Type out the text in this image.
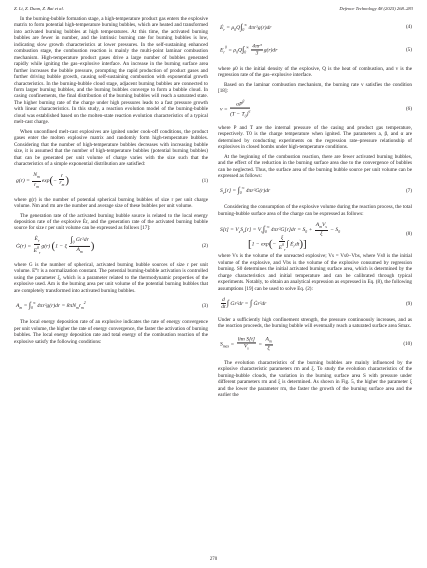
Z. Li, Z. Duan, Z. Bai et al.	Defence Technology 48 (2025) 268–283

In the burning-bubble formation stage, a high-temperature product gas enters the explosive matrix to form potential high-temperature burning bubbles, which are heated and transformed into activated burning bubbles at high temperatures. At this time, the activated burning bubbles are fewer in number, and the intrinsic burning rate for burning bubbles is low, indicating slow growth characteristics at lower pressures. In the self-sustaining enhanced combustion stage, the combustion reaction is mainly the multi-point laminar combustion mechanism. High-temperature product gases drive a large number of bubbles generated rapidly while igniting the gas–explosive interface. An increase in the burning surface area further increases the bubble pressure, prompting the rapid production of product gases and further driving bubble growth, causing self-sustaining combustion with exponential growth characteristics. In the burning-bubble cloud stage, adjacent burning bubbles are connected to form larger burning bubbles, and the burning bubbles converge to form a bubble cloud. In casing confinements, the final distribution of the burning bubbles will reach a saturated state. The higher burning rate of the charge under high pressures leads to a fast pressure growth with linear characteristics. In this study, a reaction evolution model of the burning-bubble cloud was established based on the molten-state reaction evolution characteristics of a typical melt-cast charge.

When unconfined melt-cast explosives are ignited under cook-off conditions, the product gases enter the molten explosive matrix and randomly form high-temperature bubbles. Considering that the number of high-temperature bubbles decreases with increasing bubble size, it is assumed that the number of high-temperature bubbles (potential burning bubbles) that can be generated per unit volume of charge varies with the size such that the characteristics of a simple exponential distribution are satisfied:

$g(r) = \frac{N_m}{r_m} \exp(- \frac{r}{r_m}$ )	(1)

where g(r) is the number of potential spherical burning bubbles of size r per unit charge volume. Nm and rm are the number and average size of these bubbles per unit volume.

The generation rate of the activated burning bubble source is related to the local energy deposition rate of the explosive Ėr, and the generation rate of the activated burning bubble source for size r per unit volume can be expressed as follows [17]:

Ġ(r) = $\frac{Ė_r}{E^0_r} g(r) (1 - \xi \frac{\int_0 Gr^2dr}{A_m}$ )	(2)

where G is the number of spherical, activated burning bubble sources of size r per unit volume. E⁰r is a normalization constant. The potential burning-bubble activation is controlled using the parameter ξ, which is a parameter related to the thermodynamic properties of the explosive used. Am is the burning area per unit volume of the potential burning bubbles that are completely transformed into activated burning bubbles.

$A_m = \int_0^\infty$ $4\pi r^2g(r)dr = 8\pi N_mr_m^2$	(3)

The local energy deposition rate of an explosive indicates the rate of energy convergence per unit volume, the higher the rate of energy convergence, the faster the activation of burning bubbles. The local energy deposition rate and total energy of the combustion reaction of the explosive satisfy the following conditions:

$Ė_r = \rho_0Q\int_0^\infty$ 4πr²g(r)dr	(4)
$E_r^0 = \rho_0Q\int_0^\infty \frac{\text{4πr³}}{3} g(r)dr$	(5)

where ρ0 is the initial density of the explosive, Q is the heat of combustion, and v is the regression rate of the gas–explosive interface.

Based on the laminar combustion mechanism, the burning rate v satisfies the condition [18]:

$v = \frac{aP^\beta}{(T - T_0)^\alpha}$	(6)

where P and T are the internal pressure of the casing and product gas temperature, respectively. T0 is the charge temperature when ignited. The parameters a, β, and α are determined by conducting experiments on the regression rate–pressure relationship of explosives in closed bombs under high-temperature conditions.

At the beginning of the combustion reaction, there are fewer activated burning bubbles, and the effect of the reduction in the burning surface area due to the convergence of bubbles can be neglected. Thus, the surface area of the burning bubble source per unit volume can be expressed as follows:

$S_v[r] = \int_0^\infty$ 4πr²G(r)dr	(7)

Considering the consumption of the explosive volume during the reaction process, the total burning-bubble surface area of the charge can be expressed as follows:

$S[t] = V_sS_v[r] = V_s\int_0^\infty$ $4\pi r^2G[r]dr = S_0 + \frac{A_mV_s}{\xi} - S_0$
[$1 - \exp(- \frac{\xi}{E^0_r}$ ∫ $Ė_rdt$)]
(8)

where Vs is the volume of the unreacted explosive; Vs = Vs0−Vbs, where Vs0 is the initial volume of the explosive, and Vbs is the volume of the explosive consumed by regression burning. S0 determines the initial activated burning surface area, which is determined by the charge characteristics and initial temperature and can be calibrated through typical experiments. Notably, to obtain an analytical expression as expressed in Eq. (8), the following assumptions [19] can be used to solve Eq. (2):

$\frac{d}{dt}$ ∫ Gr²dr = ∫ Ġr²dr	(9)

Under a sufficiently high confinement strength, the pressure continuously increases, and as the reaction proceeds, the burning bubble will eventually reach a saturated surface area Smax.

$S_{max} = \frac{\text{lim S[t]}}{V_s} = \frac{A_m}{\xi}$	(10)

The evolution characteristics of the burning bubbles are mainly influenced by the explosive characteristic parameters rm and ξ. To study the evolution characteristics of the burning-bubble clouds, the variation in the burning surface area S with pressure under different parameters rm and ξ is determined. As shown in Fig. 5, the higher the parameter ξ and the lower the parameter rm, the faster the growth of the burning surface area and the earlier the

270
